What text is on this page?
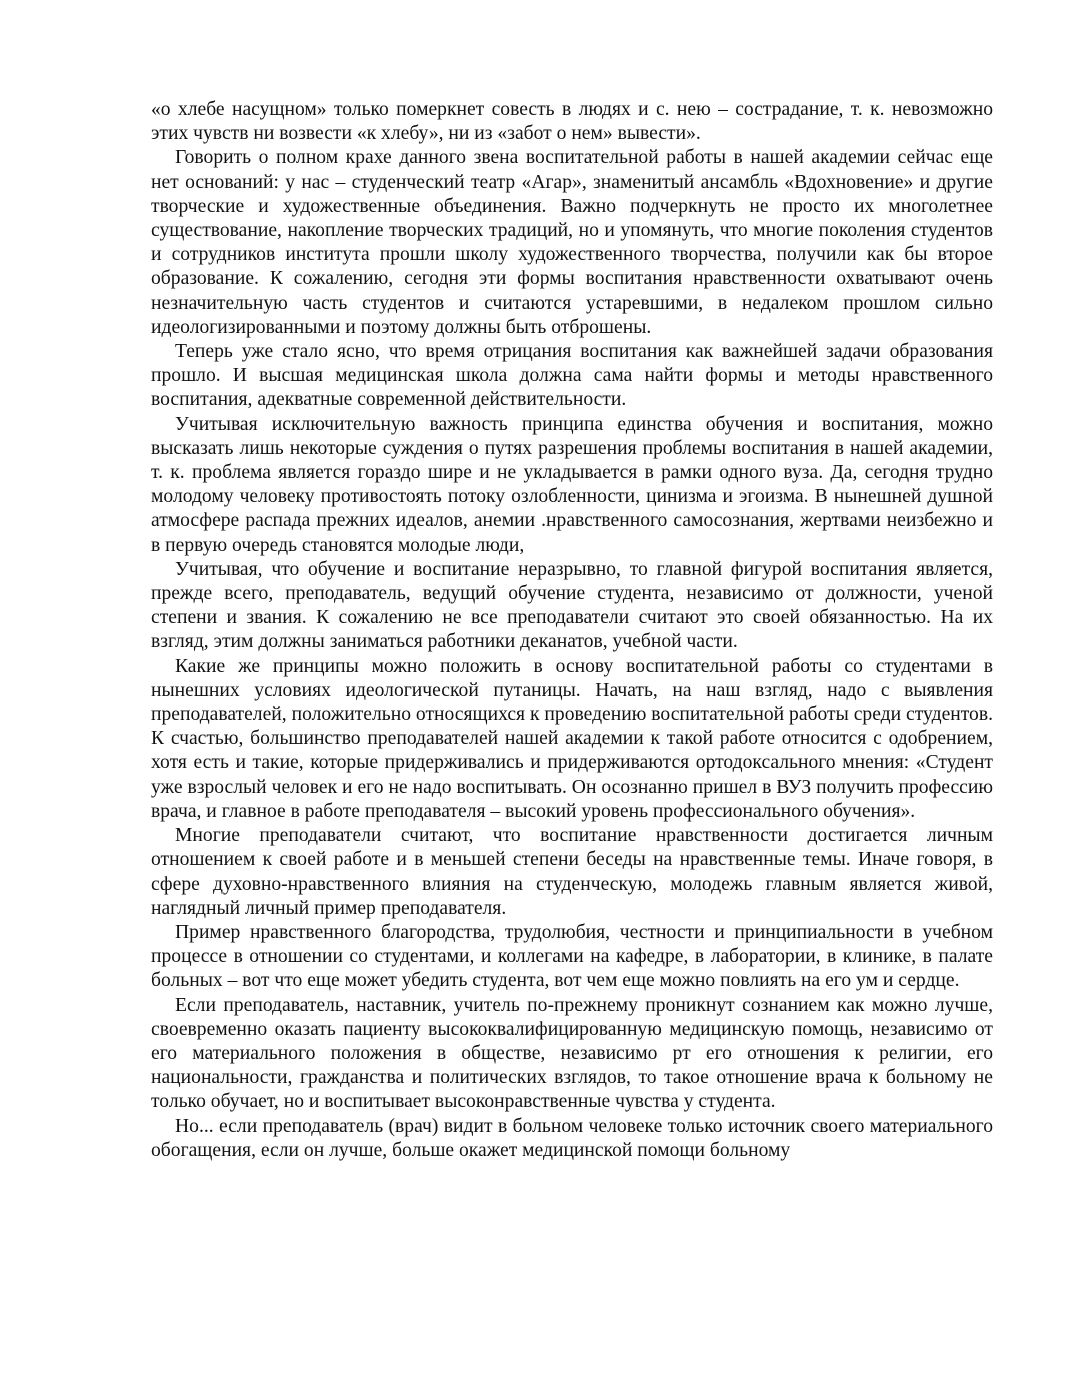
«о хлебе насущном» только померкнет совесть в людях и с. нею – сострадание, т. к. невозможно этих чувств ни возвести «к хлебу», ни из «забот о нем» вывести».

Говорить о полном крахе данного звена воспитательной работы в нашей академии сейчас еще нет оснований: у нас – студенческий театр «Агар», знаменитый ансамбль «Вдохновение» и другие творческие и художественные объединения. Важно подчеркнуть не просто их многолетнее существование, накопление творческих традиций, но и упомянуть, что многие поколения студентов и сотрудников института прошли школу художественного творчества, получили как бы второе образование. К сожалению, сегодня эти формы воспитания нравственности охватывают очень незначительную часть студентов и считаются устаревшими, в недалеком прошлом сильно идеологизированными и поэтому должны быть отброшены.

Теперь уже стало ясно, что время отрицания воспитания как важнейшей задачи образования прошло. И высшая медицинская школа должна сама найти формы и методы нравственного воспитания, адекватные современной действительности.

Учитывая исключительную важность принципа единства обучения и воспитания, можно высказать лишь некоторые суждения о путях разрешения проблемы воспитания в нашей академии, т. к. проблема является гораздо шире и не укладывается в рамки одного вуза. Да, сегодня трудно молодому человеку противостоять потоку озлобленности, цинизма и эгоизма. В нынешней душной атмосфере распада прежних идеалов, анемии .нравственного самосознания, жертвами неизбежно и в первую очередь становятся молодые люди,

Учитывая, что обучение и воспитание неразрывно, то главной фигурой воспитания является, прежде всего, преподаватель, ведущий обучение студента, независимо от должности, ученой степени и звания. К сожалению не все преподаватели считают это своей обязанностью. На их взгляд, этим должны заниматься работники деканатов, учебной части.

Какие же принципы можно положить в основу воспитательной работы со студентами в нынешних условиях идеологической путаницы. Начать, на наш взгляд, надо с выявления преподавателей, положительно относящихся к проведению воспитательной работы среди студентов. К счастью, большинство преподавателей нашей академии к такой работе относится с одобрением, хотя есть и такие, которые придерживались и придерживаются ортодоксального мнения: «Студент уже взрослый человек и его не надо воспитывать. Он осознанно пришел в ВУЗ получить профессию врача, и главное в работе преподавателя – высокий уровень профессионального обучения».

Многие преподаватели считают, что воспитание нравственности достигается личным отношением к своей работе и в меньшей степени беседы на нравственные темы. Иначе говоря, в сфере духовно-нравственного влияния на студенческую, молодежь главным является живой, наглядный личный пример преподавателя.

Пример нравственного благородства, трудолюбия, честности и принципиальности в учебном процессе в отношении со студентами, и коллегами на кафедре, в лаборатории, в клинике, в палате больных – вот что еще может убедить студента, вот чем еще можно повлиять на его ум и сердце.

Если преподаватель, наставник, учитель по-прежнему проникнут сознанием как можно лучше, своевременно оказать пациенту высококвалифицированную медицинскую помощь, независимо от его материального положения в обществе, независимо рт его отношения к религии, его национальности, гражданства и политических взглядов, то такое отношение врача к больному не только обучает, но и воспитывает высоконравственные чувства у студента.

Но... если преподаватель (врач) видит в больном человеке только источник своего материального обогащения, если он лучше, больше окажет медицинской помощи больному
